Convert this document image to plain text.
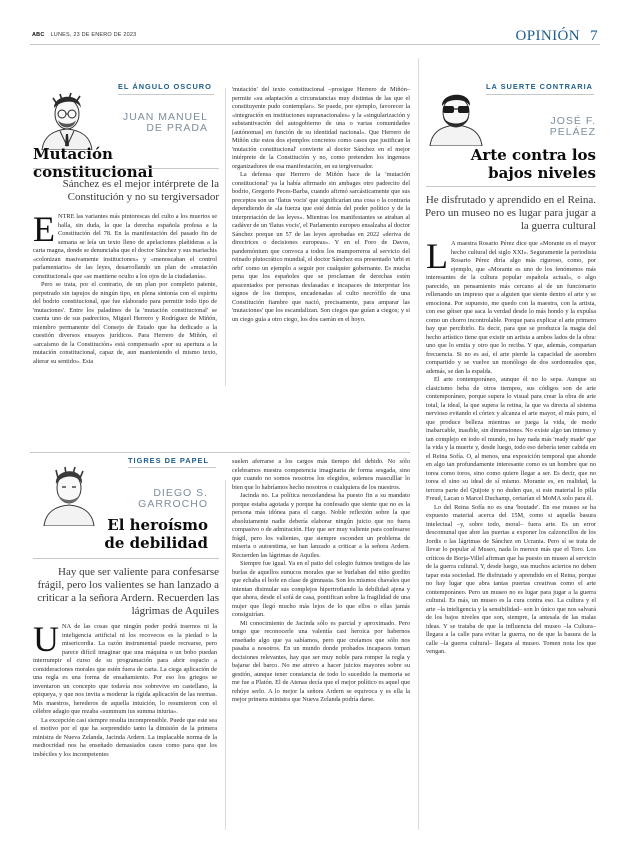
ABC LUNES, 23 DE ENERO DE 2023	OPINIÓN 7
EL ÁNGULO OSCURO
JUAN MANUEL
DE PRADA
Mutación constitucional
Sánchez es el mejor intérprete de la Constitución y no su tergiversador

ENTRE las variantes más pintorescas del culto a los muertos se halla, sin duda, la que la derecha española profesa a la Constitución del 78. En la manifestación del pasado fin de semana se leía un texto lleno de apelaciones plañideras a la carta magna, donde se denunciaba que el doctor Sánchez y sus mariachis «colonizan masivamente instituciones» y «menoscaban el control parlamentario» de las leyes, desarrollando un plan de «mutación constitucional» que «se mantiene oculto a los ojos de la ciudadanía».

Pero se trata, por el contrario, de un plan por completo patente, perpetrado sin tapujos de ningún tipo, en plena sintonía con el espíritu del bodrio constitucional, que fue elaborado para permitir todo tipo de 'mutaciones'. Entre los paladines de la 'mutación constitucional' se cuenta uno de sus padrecitos, Miguel Herrero y Rodríguez de Miñón, miembro permanente del Consejo de Estado que ha dedicado a la cuestión diversos ensayos jurídicos. Para Herrero de Miñón, el «arcaísmo de la Constitución» está compensado «por su apertura a la mutación constitucional, capaz de, aun manteniendo el mismo texto, alterar su sentido». Esta

'mutación' del texto constitucional –prosigue Herrero de Miñón– permite «su adaptación a circunstancias muy distintas de las que el constituyente pudo contemplar». Se puede, por ejemplo, favorecer la «integración en instituciones supranacionales» y la «singularización y substantivación del autogobierno de una o varias comunidades [autónomas] en función de su identidad nacional». Que Herrero de Miñón cite estos dos ejemplos concretos como casos que justifican la 'mutación constitucional' convierte al doctor Sánchez en el mejor intérprete de la Constitución y no, como pretenden los ingenuos organizadores de esa manifestación, en su tergiversador.

La defensa que Herrero de Miñón hace de la 'mutación constitucional' ya la había afirmado sin ambages otro padrecito del bodrio, Gregorio Peces-Barba, cuando afirmó sarcásticamente que sus preceptos son un 'flatus vocis' que significarían una cosa o la contraria dependiendo de «la fuerza que esté detrás del poder político y de la interpretación de las leyes». Mientras los manifestantes se atraban al cadáver de un 'flatus vocis', el Parlamento europeo ensalzaba al doctor Sánchez porque un 57 de las leyes aprobadas en 2022 «deriva de directrices o decisiones europeas». Y en el Foro de Davos, pandemónium que convoca a todos los mamporreros al servicio del reinado plutocrático mundial, el doctor Sánchez era presentado 'urbi et orbi' como un ejemplo a seguir por cualquier gobernante. Es mucha pena que los españoles que se proclaman de derechas estén apacentados por personas desfasadas e incapaces de interpretar los signos de los tiempos, encadenadas al culto necrófilo de una Constitución fiambre que nació, precisamente, para amparar las 'mutaciones' que los escandalizan. Son ciegos que guían a ciegos; y si un ciego guía a otro ciego, los dos caerán en el hoyo.

TIGRES DE PAPEL
DIEGO S.
GARROCHO
El heroísmo
de debilidad
Hay que ser valiente para confesarse frágil, pero los valientes se han lanzado a criticar a la señora Ardern. Recuerden las lágrimas de Aquiles

UNA de las cosas que ningún poder podrá traernos ni la inteligencia artificial ni los recovecos es la piedad o la misericordia. La razón instrumental puede recrearse, pero parece difícil imaginar que una máquina o un bobo puedan interrumpir el curso de su programación para abrir espacio a consideraciones morales que estén fuera de carta. La ciega aplicación de una regla es una forma de ensañamiento. Por eso los griegos se inventaron un concepto que todavía nos sobrevive en castellano, la epiqueya, y que nos invita a moderar la rígida aplicación de las normas. Mis maestros, herederos de aquella intuición, lo resumieron con el célebre adagio que rezaba «summum ius summa iniuria».

La excepción casi siempre resulta incomprensible. Puede que este sea el motivo por el que ha sorprendido tanto la dimisión de la primera ministra de Nueva Zelanda, Jacinda Ardern. La implacable norma de la mediocridad nos ha enseñado demasiados casos como para que los imbéciles y los incompetentes

suelen aferrarse a los cargos más tiempo del debido. No sólo celebramos nuestra competencia imaginaria de forma sesgada, sino que cuando no somos nosotros los elegidos, solemos masculllar lo bien que lo habríamos hecho nosotros o cualquiera de los nuestros.

Jacinda no. La política neozelandesa ha puesto fin a su mandato porque estaba agotada y porque ha confesado que siente que no es la persona más idónea para el cargo. Noble reflexión sobre la que absolutamente nadie debería elaborar ningún juicio que no fuera compasivo o de admiración. Hay que ser muy valiente para confesarse frágil, pero los valientes, que siempre esconden un problema de miseria o autoestima, se han lanzado a criticar a la señora Ardern. Recuerden las lágrimas de Aquiles.

Siempre fue igual. Ya en el patio del colegio fuimos testigos de las burlas de aquellos eunucos morales que se burlaban del niño gordito que echaba el bofe en clase de gimnasia. Son los mismos chavales que intentan disimular sus complejos hipertrofiando la debilidad ajena y que ahora, desde el sofá de casa, pontifican sobre la fragilidad de una mujer que llegó mucho más lejos de lo que ellos o ellas jamás consiguirían.

Mi conocimiento de Jacinda sólo es parcial y aproximado. Pero tengo que reconocerle una valentía casi heroica por habernos enseñado algo que ya sabíamos, pero que creíamos que sólo nos pasaba a nosotros. En un mundo donde probados incapaces toman decisiones relevantes, hay que ser muy noble para romper la regla y bajarse del barco. No me atrevo a hacer juicios mayores sobre su gestión, aunque tener constancia de todo lo sucedido la memoria se me fue a Platón. El de Atenas decía que el mejor político es aquel que rehúye serlo. A lo mejor la señora Ardern se equivoca y es ella la mejor primera ministra que Nueva Zelanda podría darse.

LA SUERTE CONTRARIA
JOSÉ F.
PELÁEZ
Arte contra los
bajos niveles
He disfrutado y aprendido en el Reina. Pero un museo no es lugar para jugar a la guerra cultural

L A maestra Rosario Pérez dice que «Morante es el mayor hecho cultural del siglo XXI». Seguramente la periodista Rosario Pérez diría algo más riguroso, como, por ejemplo, que «Morante es uno de los fenómenos más interesantes de la cultura popular española actual», o algo parecido, un pensamiento más cercano al de un funcionario rellenando un impreso que a alguien que siente dentro el arte y se emociona. Por supuesto, me quedo con la maestra, con la artista, con ese géiser que saca la verdad desde lo más hondo y la expulsa como un chorro incontrolable. Porque para explicar el arte primero hay que percibirlo. Es decir, para que se produzca la magia del hecho artístico tiene que existir un artista a ambos lados de la obra: uno que lo emita y otro que lo reciba. Y que, además, compartan frecuencia. Si no es así, el arte pierde la capacidad de asombro compartido y se vuelve un monólogo de dos sordomudos que, además, se dan la espalda.

El arte contemporáneo, aunque él no lo sepa. Aunque su clasicismo beba de otros tiempos, sus códigos son de arte contemporáneo, porque supera lo visual para crear la obra de arte total, la ideal, la que supera la retina, la que va directa al sistema nervioso evitando el córtex y alcanza el arte mayor, el más puro, el que produce belleza mientras se juega la vida, de modo inabarcable, inasible, sin dimensiones. No existe algo tan intenso y tan complejo en todo el mundo, no hay nada más 'ready made' que la vida y la muerte y, desde luego, todo eso debería tener cabida en el Reina Sofía. O, al menos, una exposición temporal que ahonde en algo tan profundamente interesante como es un hombre que no torea como toros, sino como quiere llegar a ser. Es decir, que no torea el sino su ideal de sí mismo. Morante es, en realidad, la tercera parte del Quijote y no duden que, si este material lo pilla Freud, Lacan o Marcel Duchamp, certarían el MoMA solo para él.

Lo del Reina Sofía no es una 'boutade'. En ese museo se ha expuesto material acerca del 15M, como si aquella basura intelectual –y, sobre todo, moral– fuera arte. Es un error descomunal que abre las puertas a exponer los calzoncillos de los Jordis o las lágrimas de Sánchez en Ucrania. Pero sí se trata de llevar lo popular al Museo, nada lo merece más que el Toro. Los críticos de Borja-Villel afirman que ha puesto un museo al servicio de la guerra cultural. Y, desde luego, sus muchos aciertos no deben tapar esta sociedad. He disfrutado y aprendido en el Reina, porque no hay lugar que abra tantas puertas creativas como el arte contemporáneo. Pero un museo no es lugar para jugar a la guerra cultural. Es más, un museo es la cura contra eso. La cultura y el arte –la inteligencia y la sensibilidad– son lo único que nos salvará de los bajos niveles que son, siempre, la antesala de las malas ideas. Y se trataba de que la influencia del museo –la Cultura– llegara a la calle para evitar la guerra, no de que la basura de la calle –la guerra cultural– llegara al museo. Tomen nota los que vengan.
